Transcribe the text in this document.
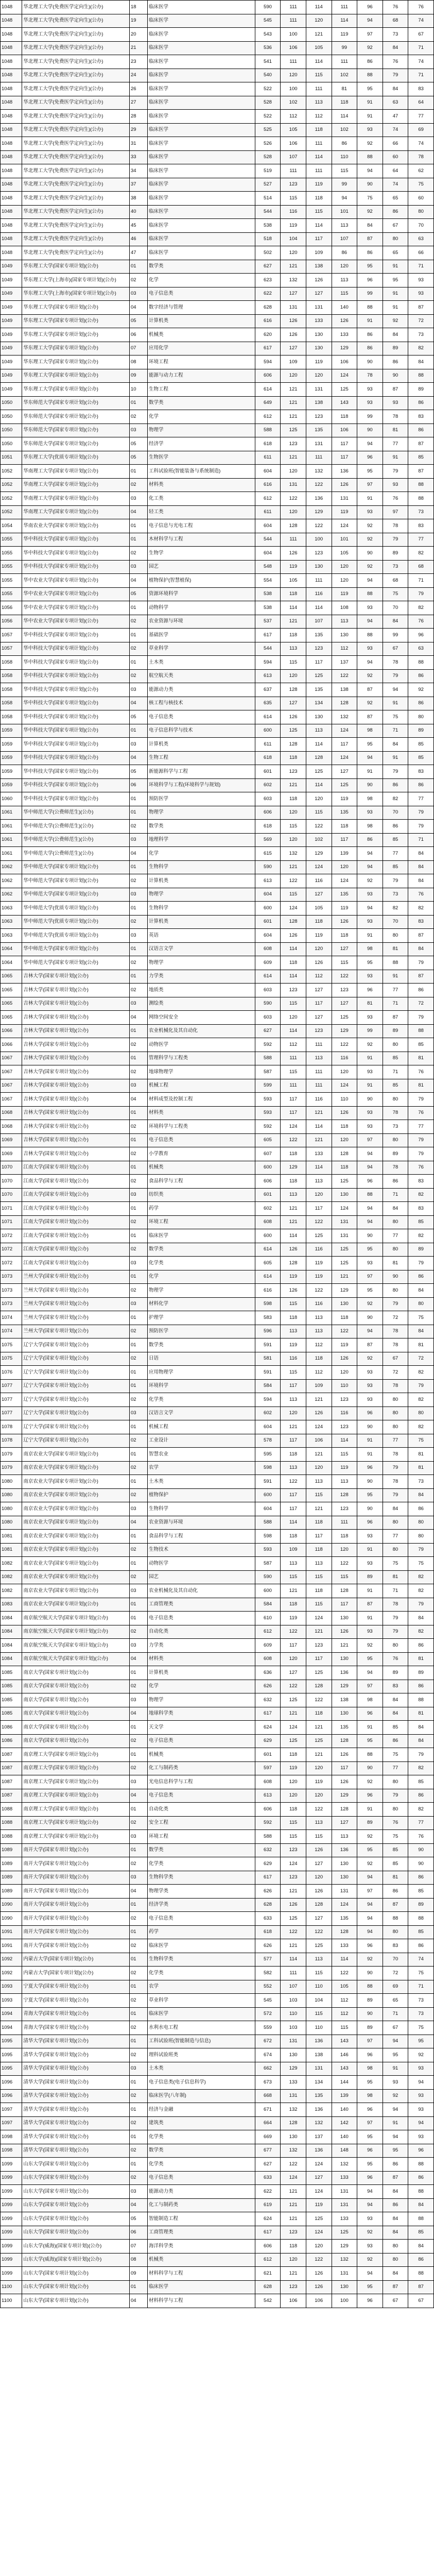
1048	华北理工大学(免费医学定向生)(公办)	18	临床医学	590	111	114	111	96	76	76
1048	华北理工大学(免费医学定向生)(公办)	19	临床医学	545	111	120	114	94	68	74
1048	华北理工大学(免费医学定向生)(公办)	20	临床医学	543	100	121	119	97	73	67
1048	华北理工大学(免费医学定向生)(公办)	21	临床医学	536	106	105	99	92	84	71
1048	华北理工大学(免费医学定向生)(公办)	23	临床医学	541	111	114	111	86	76	74
1048	华北理工大学(免费医学定向生)(公办)	24	临床医学	540	120	115	102	88	79	71
1048	华北理工大学(免费医学定向生)(公办)	26	临床医学	522	100	111	81	95	84	83
1048	华北理工大学(免费医学定向生)(公办)	27	临床医学	528	102	113	118	91	63	64
1048	华北理工大学(免费医学定向生)(公办)	28	临床医学	522	112	112	114	91	47	77
1048	华北理工大学(免费医学定向生)(公办)	29	临床医学	525	105	118	102	93	74	69
1048	华北理工大学(免费医学定向生)(公办)	31	临床医学	526	106	111	86	92	66	74
1048	华北理工大学(免费医学定向生)(公办)	33	临床医学	528	107	114	110	88	60	78
1048	华北理工大学(免费医学定向生)(公办)	34	临床医学	519	111	111	115	94	64	62
1048	华北理工大学(免费医学定向生)(公办)	37	临床医学	527	123	119	99	90	74	75
1048	华北理工大学(免费医学定向生)(公办)	38	临床医学	514	115	118	94	75	65	60
1048	华北理工大学(免费医学定向生)(公办)	40	临床医学	544	116	115	101	92	86	80
1048	华北理工大学(免费医学定向生)(公办)	45	临床医学	538	119	114	113	84	67	70
1048	华北理工大学(免费医学定向生)(公办)	46	临床医学	518	104	117	107	87	80	63
1048	华北理工大学(免费医学定向生)(公办)	47	临床医学	502	120	109	86	86	65	66
1049	华东理工大学(国家专项计划)(公办)	01	数学类	627	121	138	120	95	91	71
1049	华东理工大学(上海市)(国家专项计划)(公办)	02	化学	623	132	126	113	96	95	93
1049	华东理工大学(上海市)(国家专项计划)(公办)	03	电子信息类	622	127	127	115	99	91	93
1049	华东理工大学(国家专项计划)(公办)	04	数字经济与管理	628	131	131	140	88	91	87
1049	华东理工大学(国家专项计划)(公办)	05	计算机类	616	126	133	126	91	92	72
1049	华东理工大学(国家专项计划)(公办)	06	机械类	620	126	130	133	86	84	73
1049	华东理工大学(国家专项计划)(公办)	07	应用化学	617	127	130	129	86	89	82
1049	华东理工大学(国家专项计划)(公办)	08	环境工程	594	109	119	106	90	86	84
1049	华东理工大学(国家专项计划)(公办)	09	能源与动力工程	606	120	120	124	78	90	88
1049	华东理工大学(国家专项计划)(公办)	10	生物工程	614	121	131	125	93	87	89
1050	华东师范大学(国家专项计划)(公办)	01	数学类	649	121	138	143	93	93	86
1050	华东师范大学(国家专项计划)(公办)	02	化学	612	121	123	118	99	78	83
1050	华东师范大学(国家专项计划)(公办)	03	物理学	588	125	135	106	90	81	86
1050	华东师范大学(国家专项计划)(公办)	05	经济学	618	123	131	117	94	77	87
1051	华东理工大学(优质专项计划)(公办)	05	生物医学	611	121	111	117	96	91	85
1052	华南理工大学(国家专项计划)(公办)	01	工科试验班(智能装备与系统制造)	604	120	132	136	95	79	87
1052	华南理工大学(国家专项计划)(公办)	02	材料类	616	131	122	126	97	93	88
1052	华南理工大学(国家专项计划)(公办)	03	化工类	612	122	136	131	91	76	88
1052	华南理工大学(国家专项计划)(公办)	04	轻工类	611	120	129	119	93	97	73
1054	华南农业大学(国家专项计划)(公办)	01	电子信息与光电工程	604	128	122	124	92	78	83
1055	华中科技大学(国家专项计划)(公办)	01	木材科学与工程	544	111	100	101	92	79	77
1055	华中科技大学(国家专项计划)(公办)	02	生物学	604	126	123	105	90	89	82
1055	华中科技大学(国家专项计划)(公办)	03	园艺	548	119	130	120	92	73	68
1055	华中农业大学(国家专项计划)(公办)	04	植物保护(智慧植保)	554	105	111	120	94	68	71
1055	华中农业大学(国家专项计划)(公办)	05	资源环境科学	538	118	116	119	88	75	79
1056	华中农业大学(国家专项计划)(公办)	01	动物科学	538	114	114	108	93	70	82
1056	华中农业大学(国家专项计划)(公办)	02	农业资源与环境	537	121	107	113	94	84	76
1057	华中科技大学(国家专项计划)(公办)	01	基础医学	617	118	135	130	88	99	96
1057	华中科技大学(国家专项计划)(公办)	02	草业科学	544	113	123	112	93	67	63
1058	华中科技大学(国家专项计划)(公办)	01	土木类	594	115	117	137	94	78	88
1058	华中科技大学(国家专项计划)(公办)	02	航空航天类	613	120	125	122	92	79	86
1058	华中科技大学(国家专项计划)(公办)	03	能源动力类	637	128	135	138	87	94	92
1058	华中科技大学(国家专项计划)(公办)	04	核工程与核技术	635	127	134	128	92	91	86
1058	华中科技大学(国家专项计划)(公办)	05	电子信息类	614	126	130	132	87	75	80
1059	华中科技大学(国家专项计划)(公办)	01	电子信息科学与技术	600	125	113	124	98	71	89
1059	华中科技大学(国家专项计划)(公办)	03	计算机类	611	128	114	117	95	84	85
1059	华中科技大学(国家专项计划)(公办)	04	生物工程	618	118	128	124	94	91	85
1059	华中科技大学(国家专项计划)(公办)	05	新能源科学与工程	601	123	125	127	91	79	83
1059	华中科技大学(国家专项计划)(公办)	06	环境科学与工程(环境科学与规划)	602	121	114	125	90	86	86
1060	华中科技大学(国家专项计划)(公办)	01	预防医学	603	118	120	119	98	82	77
1061	华中师范大学(公费师范生)(公办)	01	物理学	606	120	115	135	93	70	79
1061	华中师范大学(公费师范生)(公办)	02	数学类	618	115	122	118	98	86	79
1061	华中师范大学(公费师范生)(公办)	03	地理科学	569	120	102	117	86	85	71
1061	华中师范大学(公费师范生)(公办)	04	化学	615	132	129	139	94	77	84
1062	华中师范大学(国家专项计划)(公办)	01	生物科学	590	121	124	120	94	85	84
1062	华中师范大学(国家专项计划)(公办)	02	计算机类	613	122	116	124	92	79	84
1062	华中师范大学(国家专项计划)(公办)	03	物理学	604	115	127	135	93	73	76
1063	华中师范大学(优质专项计划)(公办)	01	生物科学	600	124	105	119	94	82	82
1063	华中师范大学(优质专项计划)(公办)	02	计算机类	601	128	118	126	93	70	83
1063	华中师范大学(优质专项计划)(公办)	03	英语	604	126	119	118	91	80	87
1064	华中师范大学(国家专项计划)(公办)	01	汉语言文学	608	114	120	127	98	81	84
1064	华中师范大学(国家专项计划)(公办)	02	物理学	609	118	126	115	95	88	79
1065	吉林大学(国家专项计划)(公办)	01	力学类	614	114	112	122	93	91	87
1065	吉林大学(国家专项计划)(公办)	02	地质类	603	123	127	123	96	77	86
1065	吉林大学(国家专项计划)(公办)	03	测绘类	590	115	117	127	81	71	72
1065	吉林大学(国家专项计划)(公办)	04	网络空间安全	603	120	127	125	93	87	79
1066	吉林大学(国家专项计划)(公办)	01	农业机械化及其自动化	627	114	123	129	99	89	88
1066	吉林大学(国家专项计划)(公办)	02	动物医学	592	112	111	122	92	80	85
1067	吉林大学(国家专项计划)(公办)	01	管理科学与工程类	588	111	113	116	91	85	81
1067	吉林大学(国家专项计划)(公办)	02	地球物理学	587	115	111	120	93	71	76
1067	吉林大学(国家专项计划)(公办)	03	机械工程	599	111	111	124	91	85	81
1067	吉林大学(国家专项计划)(公办)	04	材料成型及控制工程	593	117	116	110	90	80	79
1068	吉林大学(国家专项计划)(公办)	01	材料类	593	117	121	126	93	78	76
1068	吉林大学(国家专项计划)(公办)	02	环境科学与工程类	592	124	114	118	93	73	77
1069	吉林大学(国家专项计划)(公办)	01	电子信息类	605	122	121	120	97	80	79
1069	吉林大学(国家专项计划)(公办)	02	小学教育	607	118	133	128	94	89	79
1070	江南大学(国家专项计划)(公办)	01	机械类	600	129	114	118	94	78	76
1070	江南大学(国家专项计划)(公办)	02	食品科学与工程	606	118	113	125	96	86	83
1070	江南大学(国家专项计划)(公办)	03	纺织类	601	113	120	130	88	71	82
1071	江南大学(国家专项计划)(公办)	01	药学	602	121	117	124	94	84	83
1071	江南大学(国家专项计划)(公办)	02	环境工程	608	121	122	131	94	80	85
1072	江南大学(国家专项计划)(公办)	01	临床医学	600	114	125	131	90	77	82
1072	江南大学(国家专项计划)(公办)	02	数学类	614	126	116	125	95	80	89
1072	江南大学(国家专项计划)(公办)	03	化学类	605	128	119	125	93	81	79
1073	兰州大学(国家专项计划)(公办)	01	化学	614	119	119	121	97	90	86
1073	兰州大学(国家专项计划)(公办)	02	物理学	616	126	122	129	95	80	84
1073	兰州大学(国家专项计划)(公办)	03	材料化学	598	115	116	130	92	79	80
1074	兰州大学(国家专项计划)(公办)	01	护理学	583	118	113	118	90	72	75
1074	兰州大学(国家专项计划)(公办)	02	预防医学	596	113	113	122	94	78	84
1075	辽宁大学(国家专项计划)(公办)	01	数学类	591	119	112	119	87	78	81
1075	辽宁大学(国家专项计划)(公办)	02	日语	581	116	118	126	92	67	72
1076	辽宁大学(国家专项计划)(公办)	01	应用物理学	591	115	112	120	93	72	82
1077	辽宁大学(国家专项计划)(公办)	01	环境科学	584	117	109	110	93	78	79
1077	辽宁大学(国家专项计划)(公办)	02	化学类	594	113	121	123	93	80	82
1077	辽宁大学(国家专项计划)(公办)	03	汉语言文学	602	120	126	116	96	80	80
1078	辽宁大学(国家专项计划)(公办)	01	机械工程	604	121	124	123	90	80	82
1078	辽宁大学(国家专项计划)(公办)	02	工业设计	578	117	106	114	91	77	75
1079	南京农业大学(国家专项计划)(公办)	01	智慧农业	595	118	121	115	91	78	81
1079	南京农业大学(国家专项计划)(公办)	02	农学	598	113	120	119	96	79	81
1080	南京农业大学(国家专项计划)(公办)	01	土木类	591	122	113	113	90	78	73
1080	南京农业大学(国家专项计划)(公办)	02	植物保护	600	117	115	128	95	79	84
1080	南京农业大学(国家专项计划)(公办)	03	生物科学	604	117	121	123	90	84	86
1080	南京农业大学(国家专项计划)(公办)	04	农业资源与环境	588	114	118	111	96	80	80
1081	南京农业大学(国家专项计划)(公办)	01	食品科学与工程	598	118	117	118	93	77	80
1081	南京农业大学(国家专项计划)(公办)	02	生物技术	593	109	118	120	91	80	79
1082	南京农业大学(国家专项计划)(公办)	01	动物医学	587	113	113	122	93	75	75
1082	南京农业大学(国家专项计划)(公办)	02	园艺	590	115	115	115	89	81	82
1082	南京农业大学(国家专项计划)(公办)	03	农业机械化及其自动化	600	121	118	128	91	71	82
1083	南京农业大学(国家专项计划)(公办)	01	工商管理类	584	118	115	117	87	78	79
1084	南京航空航天大学(国家专项计划)(公办)	01	电子信息类	610	119	124	130	91	79	84
1084	南京航空航天大学(国家专项计划)(公办)	02	自动化类	612	122	121	126	93	79	82
1084	南京航空航天大学(国家专项计划)(公办)	03	力学类	609	117	123	121	92	80	86
1084	南京航空航天大学(国家专项计划)(公办)	04	材料类	608	120	117	130	95	76	81
1085	南京大学(国家专项计划)(公办)	01	计算机类	636	127	125	136	94	89	89
1085	南京大学(国家专项计划)(公办)	02	化学	626	122	128	129	97	83	86
1085	南京大学(国家专项计划)(公办)	03	物理学	632	125	122	138	98	84	88
1085	南京大学(国家专项计划)(公办)	04	地球科学类	617	121	118	130	96	84	81
1086	南京大学(国家专项计划)(公办)	01	天文学	624	124	121	135	91	85	84
1086	南京大学(国家专项计划)(公办)	02	电子信息类	629	125	125	128	95	86	84
1087	南京理工大学(国家专项计划)(公办)	01	机械类	601	118	121	126	88	75	79
1087	南京理工大学(国家专项计划)(公办)	02	化工与制药类	597	119	120	117	90	77	82
1087	南京理工大学(国家专项计划)(公办)	03	光电信息科学与工程	608	120	119	126	92	80	85
1087	南京理工大学(国家专项计划)(公办)	04	电子信息类	613	120	120	129	96	79	86
1088	南京理工大学(国家专项计划)(公办)	01	自动化类	606	118	122	128	91	80	82
1088	南京理工大学(国家专项计划)(公办)	02	安全工程	592	115	113	127	89	76	77
1088	南京理工大学(国家专项计划)(公办)	03	环境工程	588	115	115	113	92	75	76
1089	南开大学(国家专项计划)(公办)	01	数学类	632	123	126	136	95	85	90
1089	南开大学(国家专项计划)(公办)	02	化学类	629	124	127	130	92	85	90
1089	南开大学(国家专项计划)(公办)	03	生物科学类	617	123	120	130	94	81	86
1089	南开大学(国家专项计划)(公办)	04	物理学类	626	121	126	131	97	86	85
1090	南开大学(国家专项计划)(公办)	01	经济学类	628	126	128	124	94	87	89
1090	南开大学(国家专项计划)(公办)	02	电子信息类	633	125	127	135	94	88	88
1091	南开大学(国家专项计划)(公办)	01	药学	618	122	122	128	94	80	85
1091	南开大学(国家专项计划)(公办)	02	临床医学	626	121	125	133	96	83	86
1092	内蒙古大学(国家专项计划)(公办)	01	生物科学类	577	114	113	114	92	70	74
1092	内蒙古大学(国家专项计划)(公办)	02	化学类	582	111	115	122	90	72	75
1093	宁夏大学(国家专项计划)(公办)	01	农学	552	107	110	105	88	69	71
1093	宁夏大学(国家专项计划)(公办)	02	草业科学	545	103	104	112	89	65	73
1094	青海大学(国家专项计划)(公办)	01	临床医学	572	110	115	112	90	71	73
1094	青海大学(国家专项计划)(公办)	02	水利水电工程	559	103	110	115	89	67	75
1095	清华大学(国家专项计划)(公办)	01	工科试验班(智能制造与信息)	672	131	136	143	97	94	95
1095	清华大学(国家专项计划)(公办)	02	理科试验班类	674	130	138	146	96	95	92
1095	清华大学(国家专项计划)(公办)	03	土木类	662	129	131	143	98	91	93
1096	清华大学(国家专项计划)(公办)	01	电子信息类(电子信息科学)	673	133	134	144	95	93	94
1096	清华大学(国家专项计划)(公办)	02	临床医学(八年制)	668	131	135	139	98	92	93
1097	清华大学(国家专项计划)(公办)	01	经济与金融	671	132	136	140	96	94	93
1097	清华大学(国家专项计划)(公办)	02	建筑类	664	128	132	142	97	91	94
1098	清华大学(国家专项计划)(公办)	01	化学类	669	130	137	140	95	94	93
1098	清华大学(国家专项计划)(公办)	02	数学类	677	132	136	148	96	95	96
1099	山东大学(国家专项计划)(公办)	01	化学类	627	122	124	132	95	86	88
1099	山东大学(国家专项计划)(公办)	02	电子信息类	633	124	127	133	96	87	86
1099	山东大学(国家专项计划)(公办)	03	能源动力类	622	121	124	131	94	84	88
1099	山东大学(国家专项计划)(公办)	04	化工与制药类	619	121	119	131	94	86	84
1099	山东大学(国家专项计划)(公办)	05	智能制造工程	624	121	125	133	93	84	88
1099	山东大学(国家专项计划)(公办)	06	工商管理类	617	123	124	125	92	84	85
1099	山东大学(威海)(国家专项计划)(公办)	07	海洋科学类	606	118	120	129	93	80	84
1099	山东大学(威海)(国家专项计划)(公办)	08	机械类	612	120	122	132	92	80	86
1099	山东大学(国家专项计划)(公办)	09	材料科学与工程	621	121	126	131	94	84	88
1100	山东大学(国家专项计划)(公办)	01	临床医学	628	123	126	130	95	87	87
1100	山东大学(国家专项计划)(公办)	04	材料科学与工程	542	106	106	100	96	67	67
